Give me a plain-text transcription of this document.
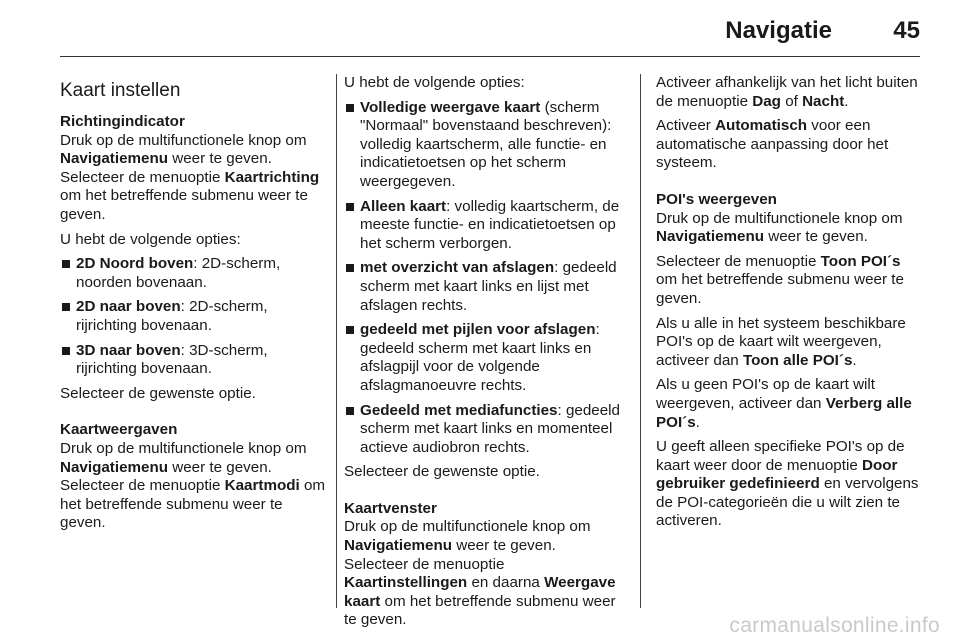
Navigatie	45
Kaart instellen
Richtingindicator

Druk op de multifunctionele knop om Navigatiemenu weer te geven. Selecteer de menuoptie Kaartrichting om het betreffende submenu weer te geven.

U hebt de volgende opties:

2D Noord boven: 2D-scherm, noorden bovenaan.
2D naar boven: 2D-scherm, rijrichting bovenaan.
3D naar boven: 3D-scherm, rijrichting bovenaan.

Selecteer de gewenste optie.

Kaartweergaven

Druk op de multifunctionele knop om Navigatiemenu weer te geven. Selecteer de menuoptie Kaartmodi om het betreffende submenu weer te geven.

U hebt de volgende opties:

Volledige weergave kaart (scherm "Normaal" bovenstaand beschreven): volledig kaartscherm, alle functie- en indicatietoetsen op het scherm weergegeven.
Alleen kaart: volledig kaartscherm, de meeste functie- en indicatietoetsen op het scherm verborgen.
met overzicht van afslagen: gedeeld scherm met kaart links en lijst met afslagen rechts.
gedeeld met pijlen voor afslagen: gedeeld scherm met kaart links en afslagpijl voor de volgende afslagmanoeuvre rechts.
Gedeeld met mediafuncties: gedeeld scherm met kaart links en momenteel actieve audiobron rechts.

Selecteer de gewenste optie.

Kaartvenster

Druk op de multifunctionele knop om Navigatiemenu weer te geven. Selecteer de menuoptie Kaartinstellingen en daarna Weergave kaart om het betreffende submenu weer te geven.

Activeer afhankelijk van het licht buiten de menuoptie Dag of Nacht.

Activeer Automatisch voor een automatische aanpassing door het systeem.

POI's weergeven

Druk op de multifunctionele knop om Navigatiemenu weer te geven.

Selecteer de menuoptie Toon POI´s om het betreffende submenu weer te geven.

Als u alle in het systeem beschikbare POI's op de kaart wilt weergeven, activeer dan Toon alle POI´s.

Als u geen POI's op de kaart wilt weergeven, activeer dan Verberg alle POI´s.

U geeft alleen specifieke POI's op de kaart weer door de menuoptie Door gebruiker gedefinieerd en vervolgens de POI-categorieën die u wilt zien te activeren.

carmanualsonline.info
